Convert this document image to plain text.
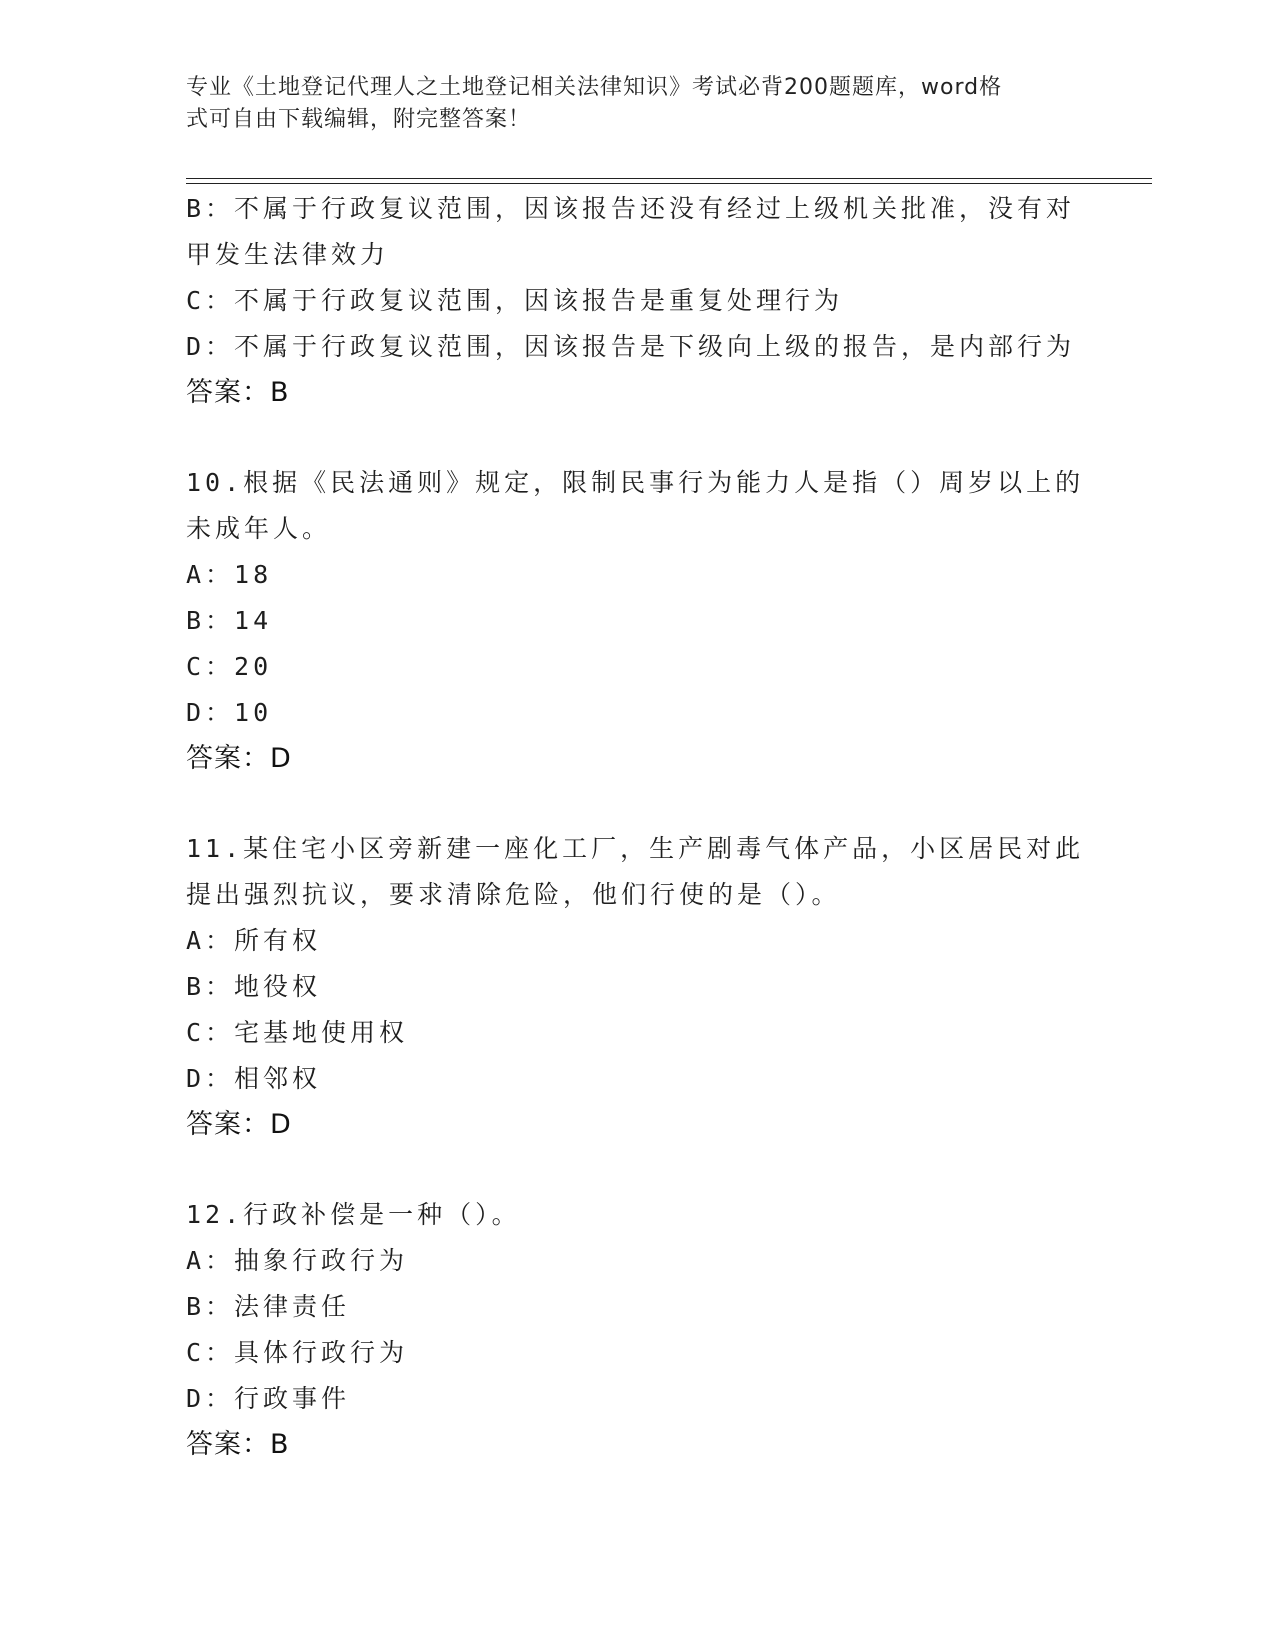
专业《土地登记代理人之土地登记相关法律知识》考试必背200题题库，word格
式可自由下载编辑，附完整答案！
B：不属于行政复议范围，因该报告还没有经过上级机关批准，没有对
甲发生法律效力
C：不属于行政复议范围，因该报告是重复处理行为
D：不属于行政复议范围，因该报告是下级向上级的报告，是内部行为
答案：B
10.根据《民法通则》规定，限制民事行为能力人是指（）周岁以上的
未成年人。
A：18
B：14
C：20
D：10
答案：D
11.某住宅小区旁新建一座化工厂，生产剧毒气体产品，小区居民对此
提出强烈抗议，要求清除危险，他们行使的是（）。
A：所有权
B：地役权
C：宅基地使用权
D：相邻权
答案：D
12.行政补偿是一种（）。
A：抽象行政行为
B：法律责任
C：具体行政行为
D：行政事件
答案：B
